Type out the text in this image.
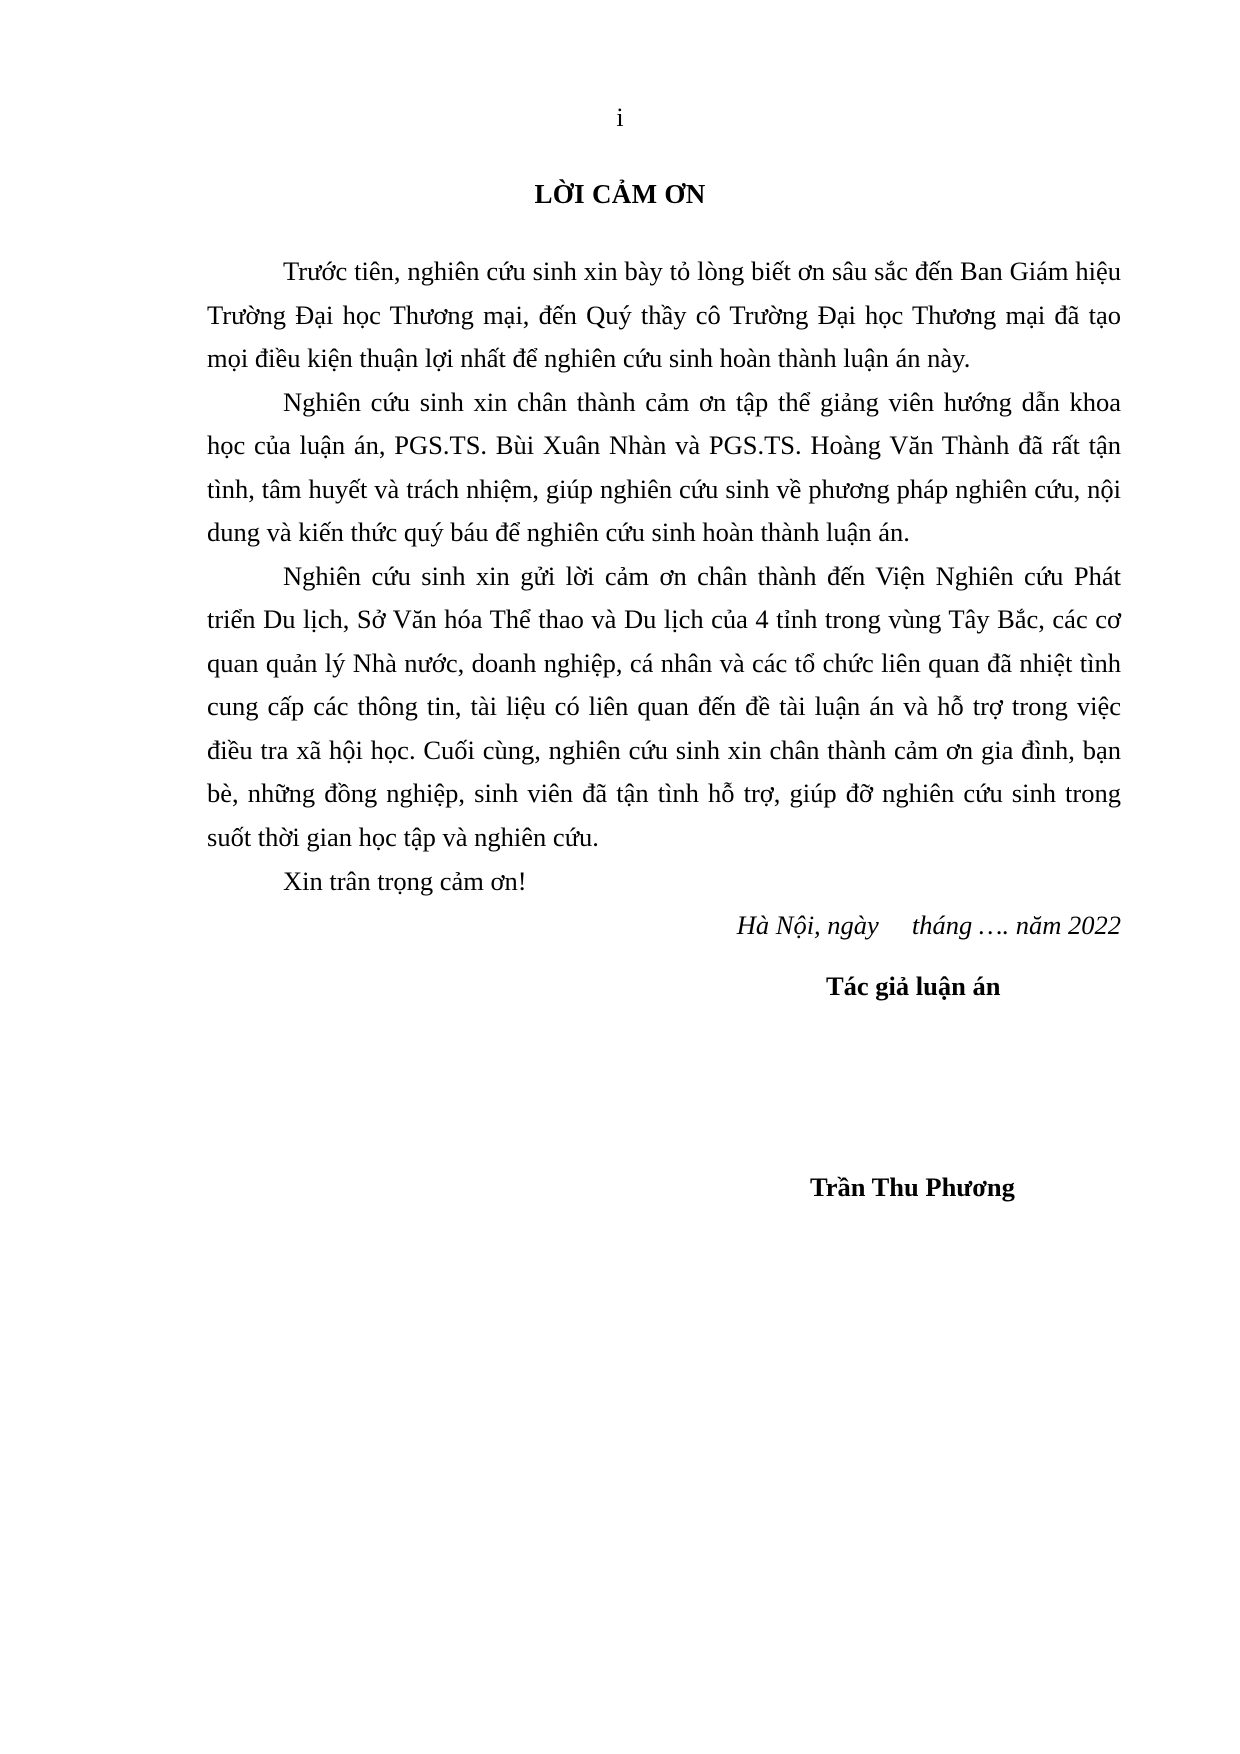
i
LỜI CẢM ƠN

Trước tiên, nghiên cứu sinh xin bày tỏ lòng biết ơn sâu sắc đến Ban Giám hiệu Trường Đại học Thương mại, đến Quý thầy cô Trường Đại học Thương mại đã tạo mọi điều kiện thuận lợi nhất để nghiên cứu sinh hoàn thành luận án này.

Nghiên cứu sinh xin chân thành cảm ơn tập thể giảng viên hướng dẫn khoa học của luận án, PGS.TS. Bùi Xuân Nhàn và PGS.TS. Hoàng Văn Thành đã rất tận tình, tâm huyết và trách nhiệm, giúp nghiên cứu sinh về phương pháp nghiên cứu, nội dung và kiến thức quý báu để nghiên cứu sinh hoàn thành luận án.

Nghiên cứu sinh xin gửi lời cảm ơn chân thành đến Viện Nghiên cứu Phát triển Du lịch, Sở Văn hóa Thể thao và Du lịch của 4 tỉnh trong vùng Tây Bắc, các cơ quan quản lý Nhà nước, doanh nghiệp, cá nhân và các tổ chức liên quan đã nhiệt tình cung cấp các thông tin, tài liệu có liên quan đến đề tài luận án và hỗ trợ trong việc điều tra xã hội học. Cuối cùng, nghiên cứu sinh xin chân thành cảm ơn gia đình, bạn bè, những đồng nghiệp, sinh viên đã tận tình hỗ trợ, giúp đỡ nghiên cứu sinh trong suốt thời gian học tập và nghiên cứu.

Xin trân trọng cảm ơn!

Hà Nội, ngày     tháng …. năm 2022
Tác giả luận án
Trần Thu Phương
